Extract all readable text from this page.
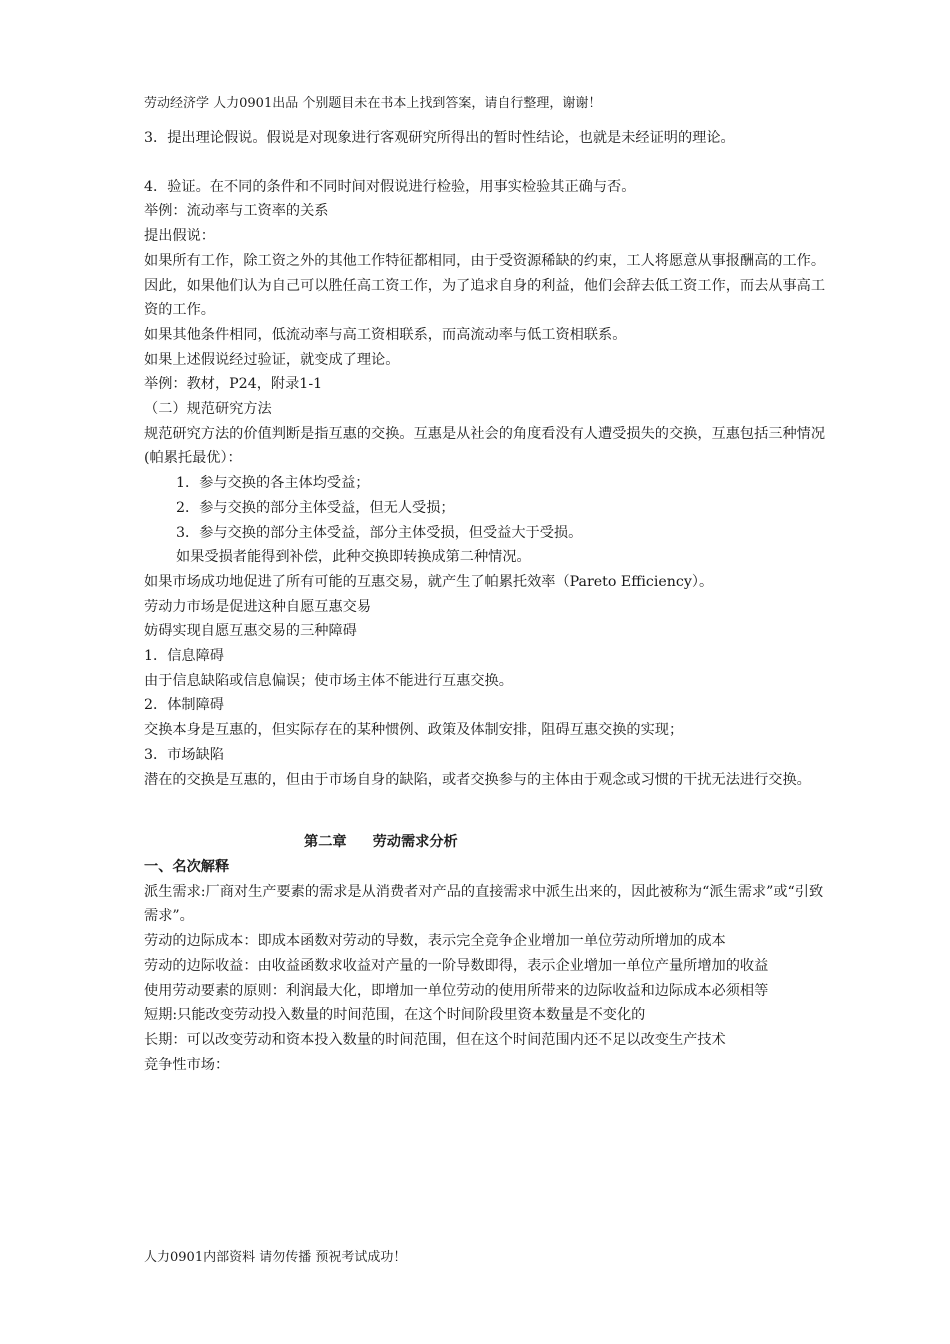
劳动经济学 人力0901出品 个别题目未在书本上找到答案，请自行整理，谢谢！

3．提出理论假说。假说是对现象进行客观研究所得出的暂时性结论，也就是未经证明的理论。

4．验证。在不同的条件和不同时间对假说进行检验，用事实检验其正确与否。

举例：流动率与工资率的关系

提出假说：

如果所有工作，除工资之外的其他工作特征都相同，由于受资源稀缺的约束，工人将愿意从事报酬高的工作。因此，如果他们认为自己可以胜任高工资工作，为了追求自身的利益，他们会辞去低工资工作，而去从事高工资的工作。

如果其他条件相同，低流动率与高工资相联系，而高流动率与低工资相联系。

如果上述假说经过验证，就变成了理论。

举例：教材，P24，附录1-1

（二）规范研究方法

规范研究方法的价值判断是指互惠的交换。互惠是从社会的角度看没有人遭受损失的交换，互惠包括三种情况(帕累托最优）：

1．参与交换的各主体均受益；

2．参与交换的部分主体受益，但无人受损；

3．参与交换的部分主体受益，部分主体受损，但受益大于受损。

如果受损者能得到补偿，此种交换即转换成第二种情况。

如果市场成功地促进了所有可能的互惠交易，就产生了帕累托效率（Pareto Efficiency）。

劳动力市场是促进这种自愿互惠交易

妨碍实现自愿互惠交易的三种障碍

1．信息障碍

由于信息缺陷或信息偏误；使市场主体不能进行互惠交换。

2．体制障碍

交换本身是互惠的，但实际存在的某种惯例、政策及体制安排，阻碍互惠交换的实现；

3．市场缺陷

潜在的交换是互惠的，但由于市场自身的缺陷，或者交换参与的主体由于观念或习惯的干扰无法进行交换。

第二章 劳动需求分析

一、名次解释

派生需求:厂商对生产要素的需求是从消费者对产品的直接需求中派生出来的，因此被称为“派生需求”或“引致需求”。

劳动的边际成本：即成本函数对劳动的导数，表示完全竞争企业增加一单位劳动所增加的成本

劳动的边际收益：由收益函数求收益对产量的一阶导数即得，表示企业增加一单位产量所增加的收益

使用劳动要素的原则：利润最大化，即增加一单位劳动的使用所带来的边际收益和边际成本必须相等

短期:只能改变劳动投入数量的时间范围，在这个时间阶段里资本数量是不变化的

长期：可以改变劳动和资本投入数量的时间范围，但在这个时间范围内还不足以改变生产技术

竞争性市场：

人力0901内部资料 请勿传播 预祝考试成功！
